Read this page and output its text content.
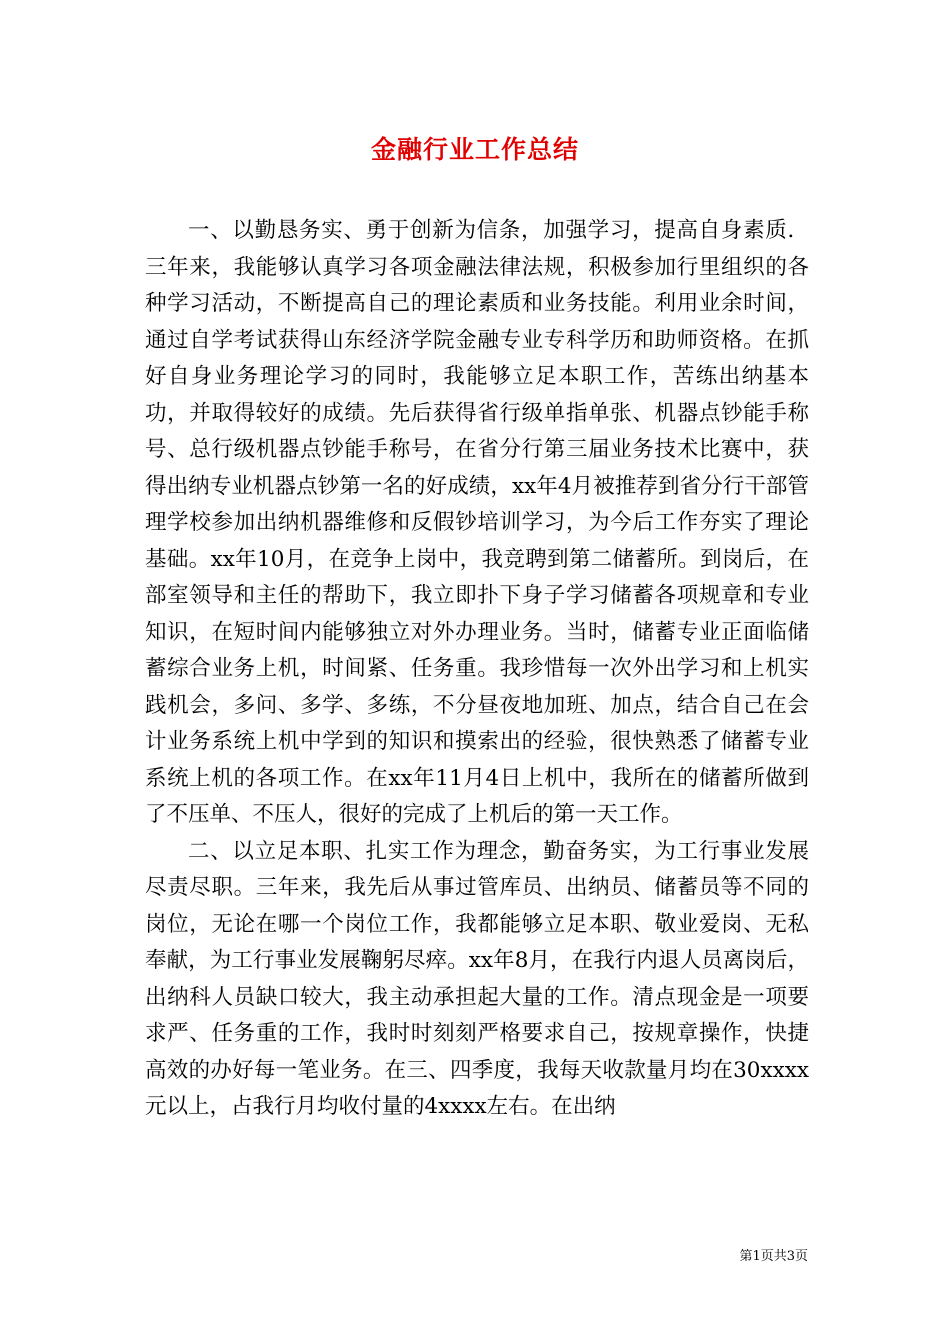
金融行业工作总结

一、以勤恳务实、勇于创新为信条，加强学习，提高自身素质．三年来，我能够认真学习各项金融法律法规，积极参加行里组织的各种学习活动，不断提高自己的理论素质和业务技能。利用业余时间，通过自学考试获得山东经济学院金融专业专科学历和助师资格。在抓好自身业务理论学习的同时，我能够立足本职工作，苦练出纳基本功，并取得较好的成绩。先后获得省行级单指单张、机器点钞能手称号、总行级机器点钞能手称号，在省分行第三届业务技术比赛中，获得出纳专业机器点钞第一名的好成绩，xx年4月被推荐到省分行干部管理学校参加出纳机器维修和反假钞培训学习，为今后工作夯实了理论基础。xx年10月，在竞争上岗中，我竞聘到第二储蓄所。到岗后，在部室领导和主任的帮助下，我立即扑下身子学习储蓄各项规章和专业知识，在短时间内能够独立对外办理业务。当时，储蓄专业正面临储蓄综合业务上机，时间紧、任务重。我珍惜每一次外出学习和上机实践机会，多问、多学、多练，不分昼夜地加班、加点，结合自己在会计业务系统上机中学到的知识和摸索出的经验，很快熟悉了储蓄专业系统上机的各项工作。在xx年11月4日上机中，我所在的储蓄所做到了不压单、不压人，很好的完成了上机后的第一天工作。

二、以立足本职、扎实工作为理念，勤奋务实，为工行事业发展尽责尽职。三年来，我先后从事过管库员、出纳员、储蓄员等不同的岗位，无论在哪一个岗位工作，我都能够立足本职、敬业爱岗、无私奉献，为工行事业发展鞠躬尽瘁。xx年8月，在我行内退人员离岗后，出纳科人员缺口较大，我主动承担起大量的工作。清点现金是一项要求严、任务重的工作，我时时刻刻严格要求自己，按规章操作，快捷高效的办好每一笔业务。在三、四季度，我每天收款量月均在30xxxx元以上，占我行月均收付量的4xxxx左右。在出纳

第1页共3页
